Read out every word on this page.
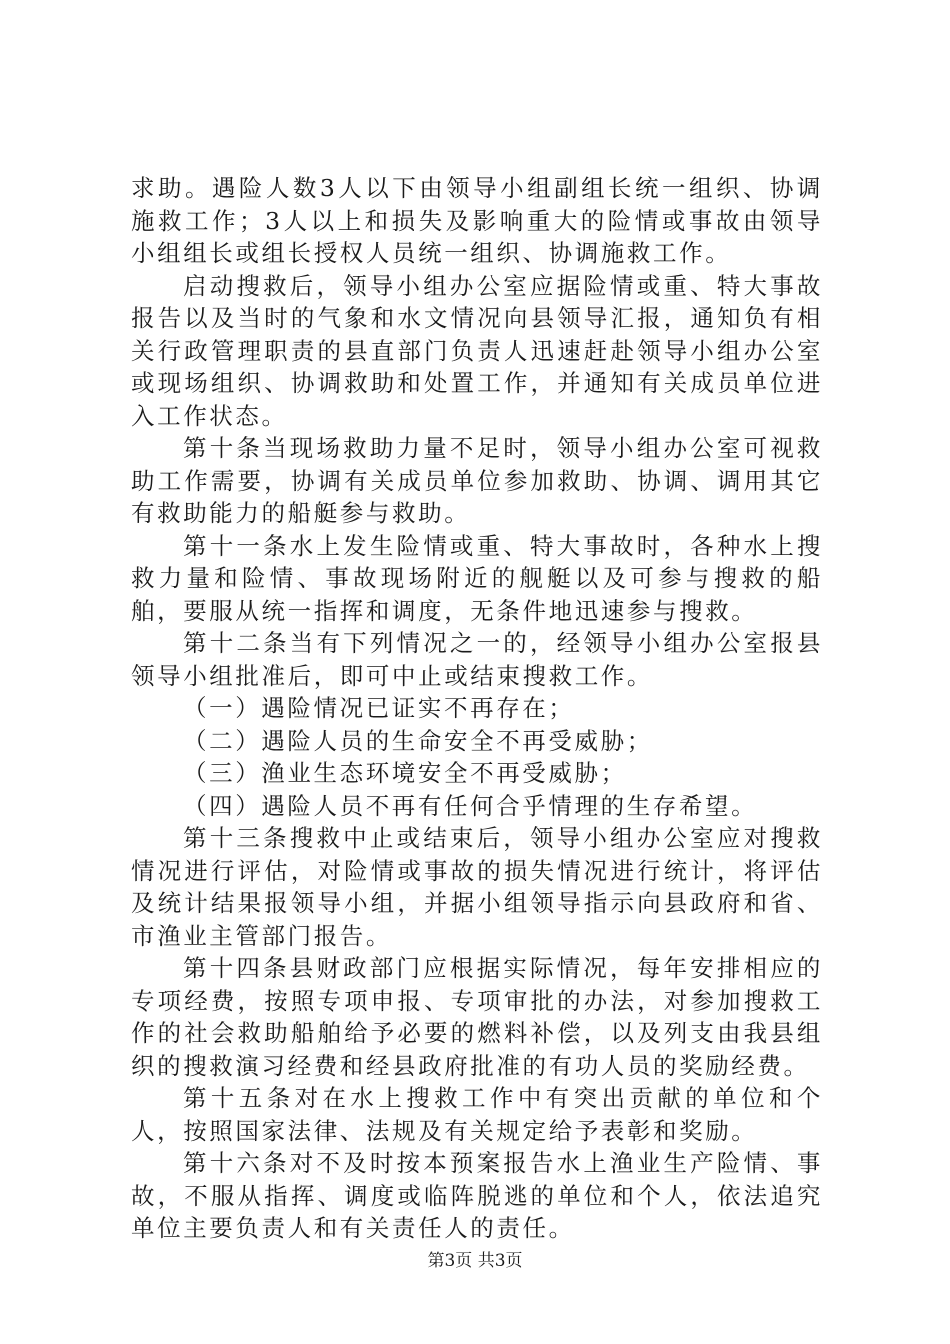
求助。遇险人数3人以下由领导小组副组长统一组织、协调施救工作；3人以上和损失及影响重大的险情或事故由领导小组组长或组长授权人员统一组织、协调施救工作。

启动搜救后，领导小组办公室应据险情或重、特大事故报告以及当时的气象和水文情况向县领导汇报，通知负有相关行政管理职责的县直部门负责人迅速赶赴领导小组办公室或现场组织、协调救助和处置工作，并通知有关成员单位进入工作状态。

第十条当现场救助力量不足时，领导小组办公室可视救助工作需要，协调有关成员单位参加救助、协调、调用其它有救助能力的船艇参与救助。

第十一条水上发生险情或重、特大事故时，各种水上搜救力量和险情、事故现场附近的舰艇以及可参与搜救的船舶，要服从统一指挥和调度，无条件地迅速参与搜救。

第十二条当有下列情况之一的，经领导小组办公室报县领导小组批准后，即可中止或结束搜救工作。

（一）遇险情况已证实不再存在；

（二）遇险人员的生命安全不再受威胁；

（三）渔业生态环境安全不再受威胁；

（四）遇险人员不再有任何合乎情理的生存希望。

第十三条搜救中止或结束后，领导小组办公室应对搜救情况进行评估，对险情或事故的损失情况进行统计，将评估及统计结果报领导小组，并据小组领导指示向县政府和省、市渔业主管部门报告。

第十四条县财政部门应根据实际情况，每年安排相应的专项经费，按照专项申报、专项审批的办法，对参加搜救工作的社会救助船舶给予必要的燃料补偿，以及列支由我县组织的搜救演习经费和经县政府批准的有功人员的奖励经费。

第十五条对在水上搜救工作中有突出贡献的单位和个人，按照国家法律、法规及有关规定给予表彰和奖励。

第十六条对不及时按本预案报告水上渔业生产险情、事故，不服从指挥、调度或临阵脱逃的单位和个人，依法追究单位主要负责人和有关责任人的责任。

第3页 共3页
